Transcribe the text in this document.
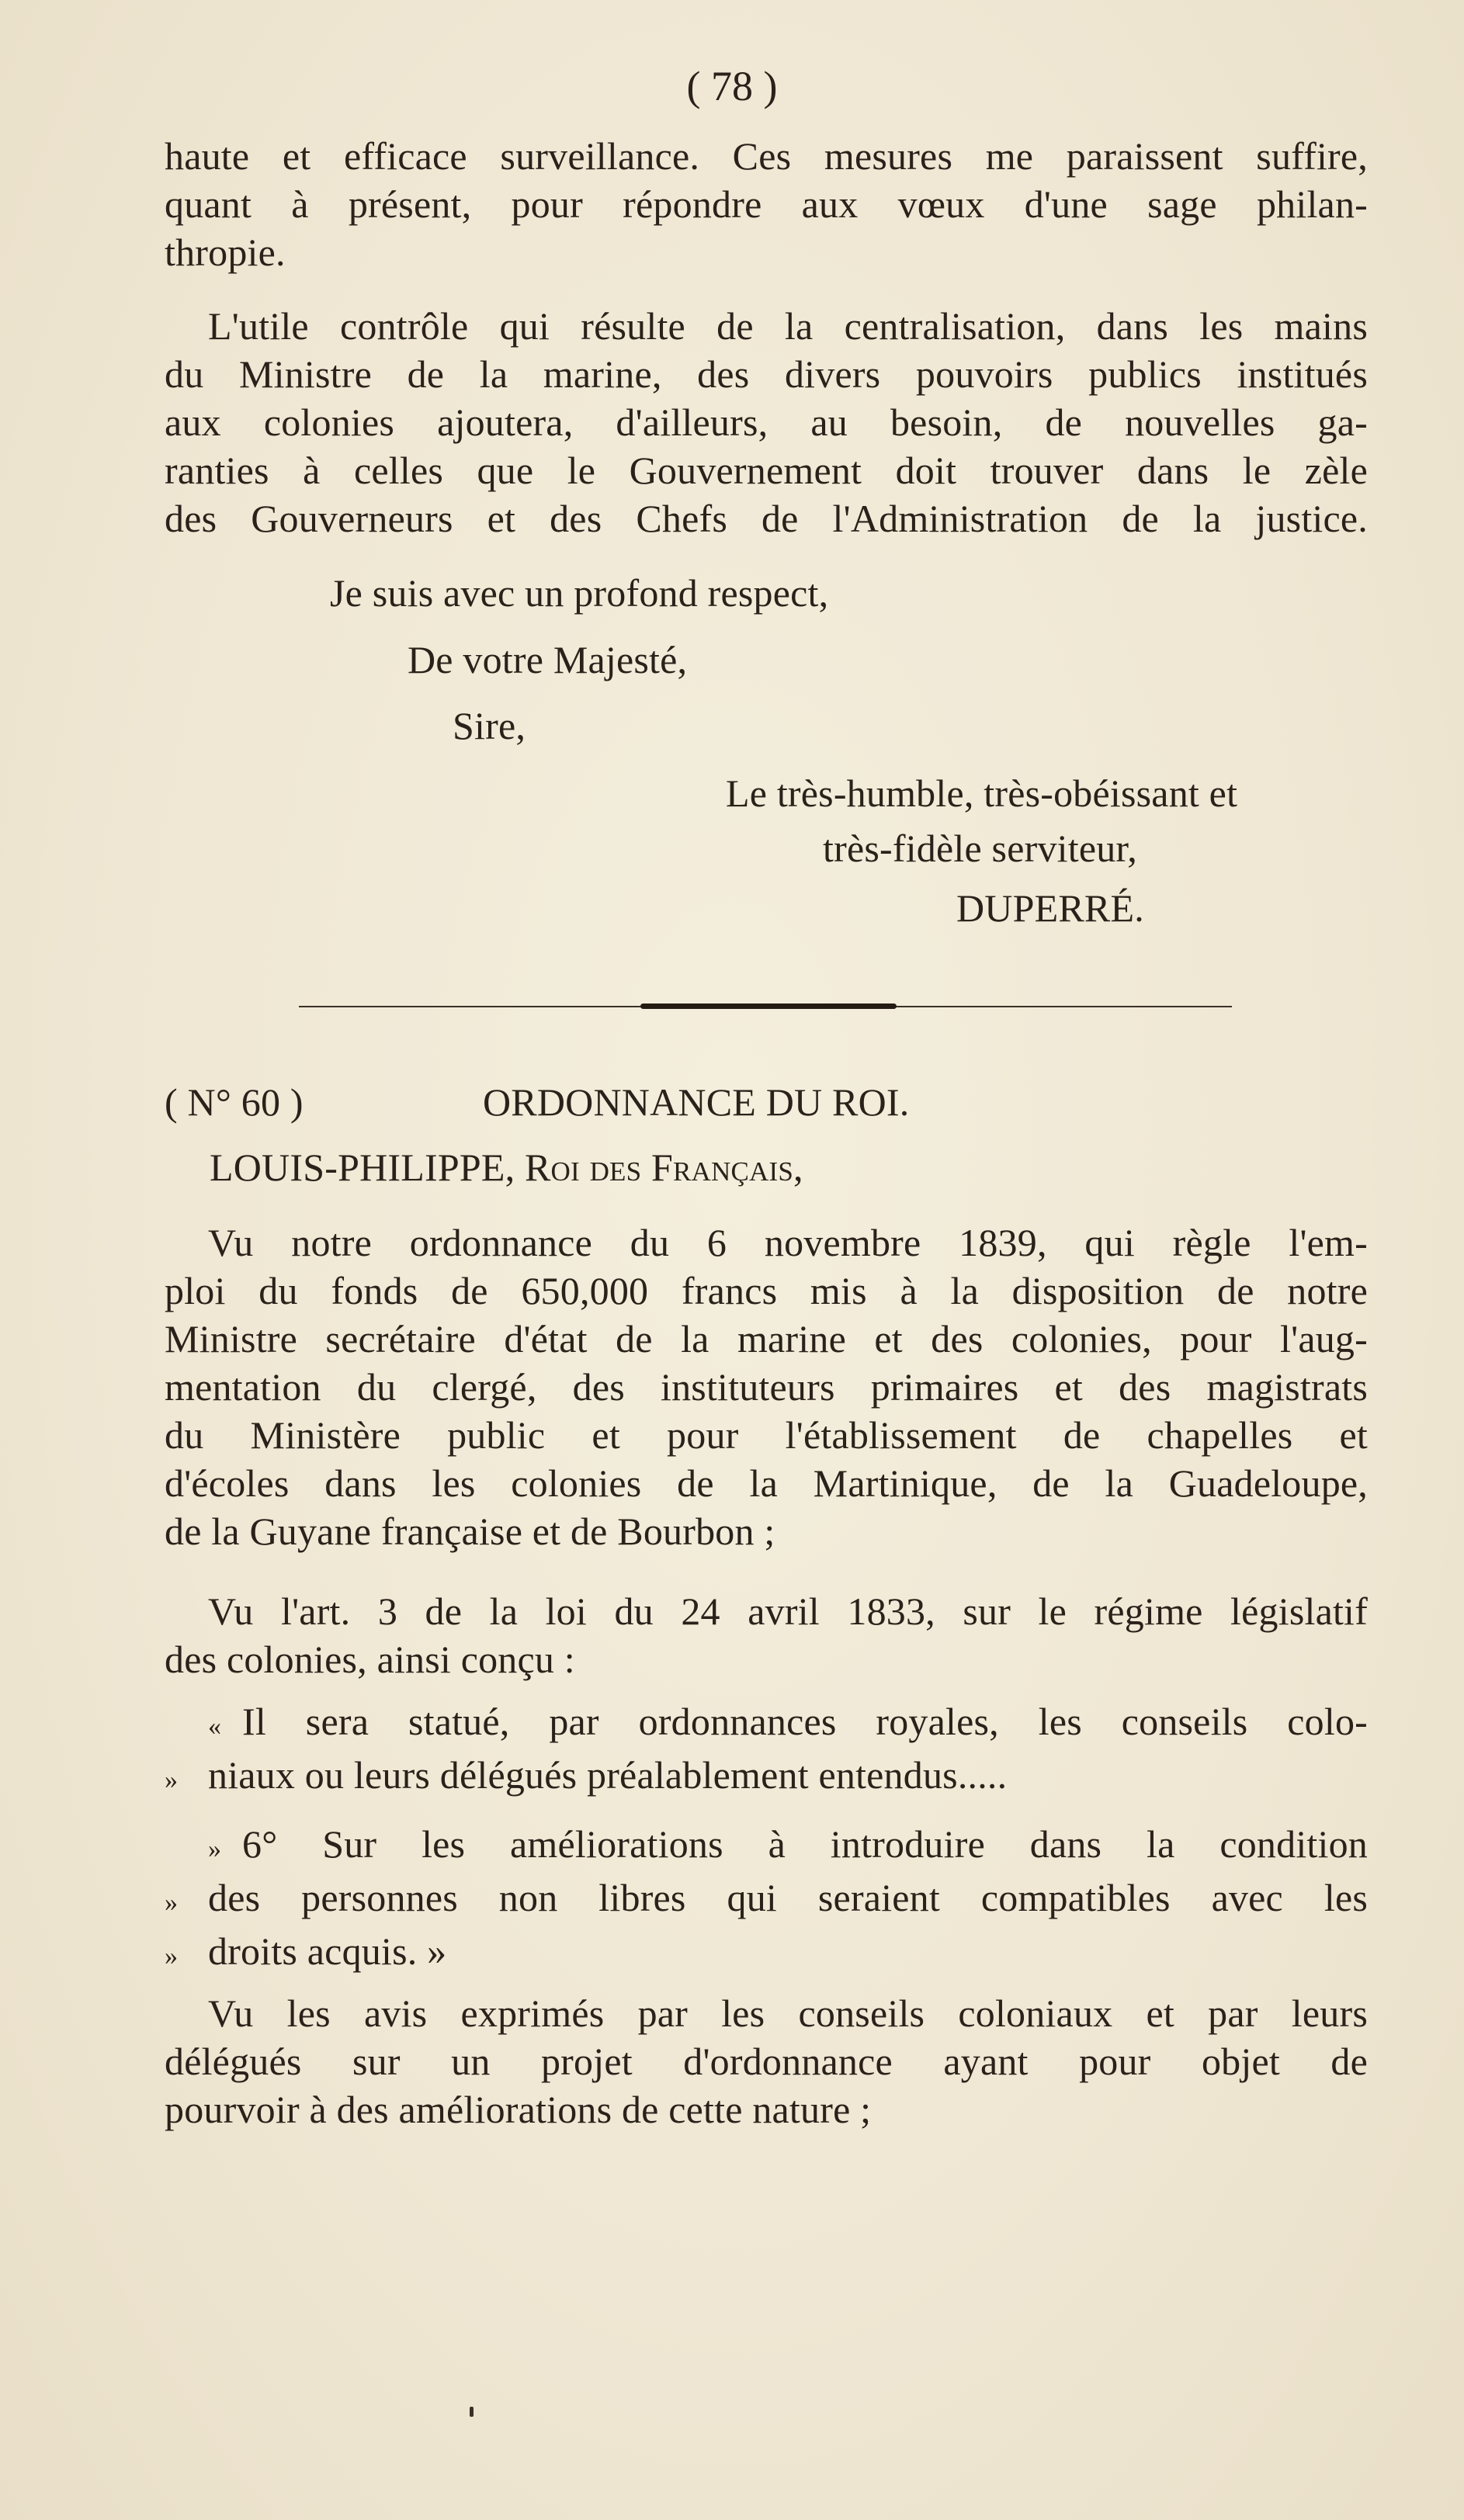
( 78 )
haute et efficace surveillance. Ces mesures me paraissent suffire,
quant à présent, pour répondre aux vœux d'une sage philan-
thropie.
L'utile contrôle qui résulte de la centralisation, dans les mains
du Ministre de la marine, des divers pouvoirs publics institués
aux colonies ajoutera, d'ailleurs, au besoin, de nouvelles ga-
ranties à celles que le Gouvernement doit trouver dans le zèle
des Gouverneurs et des Chefs de l'Administration de la justice.
Je suis avec un profond respect,
De votre Majesté,
Sire,
Le très-humble, très-obéissant et
très-fidèle serviteur,
DUPERRÉ.
( N° 60 )	ORDONNANCE DU ROI.
LOUIS-PHILIPPE, Roi des Français,
Vu notre ordonnance du 6 novembre 1839, qui règle l'em-
ploi du fonds de 650,000 francs mis à la disposition de notre
Ministre secrétaire d'état de la marine et des colonies, pour l'aug-
mentation du clergé, des instituteurs primaires et des magistrats
du Ministère public et pour l'établissement de chapelles et
d'écoles dans les colonies de la Martinique, de la Guadeloupe,
de la Guyane française et de Bourbon ;
Vu l'art. 3 de la loi du 24 avril 1833, sur le régime législatif
des colonies, ainsi conçu :
« Il sera statué, par ordonnances royales, les conseils colo-
» niaux ou leurs délégués préalablement entendus.....
» 6° Sur les améliorations à introduire dans la condition
» des personnes non libres qui seraient compatibles avec les
» droits acquis. »
Vu les avis exprimés par les conseils coloniaux et par leurs
délégués sur un projet d'ordonnance ayant pour objet de
pourvoir à des améliorations de cette nature ;
